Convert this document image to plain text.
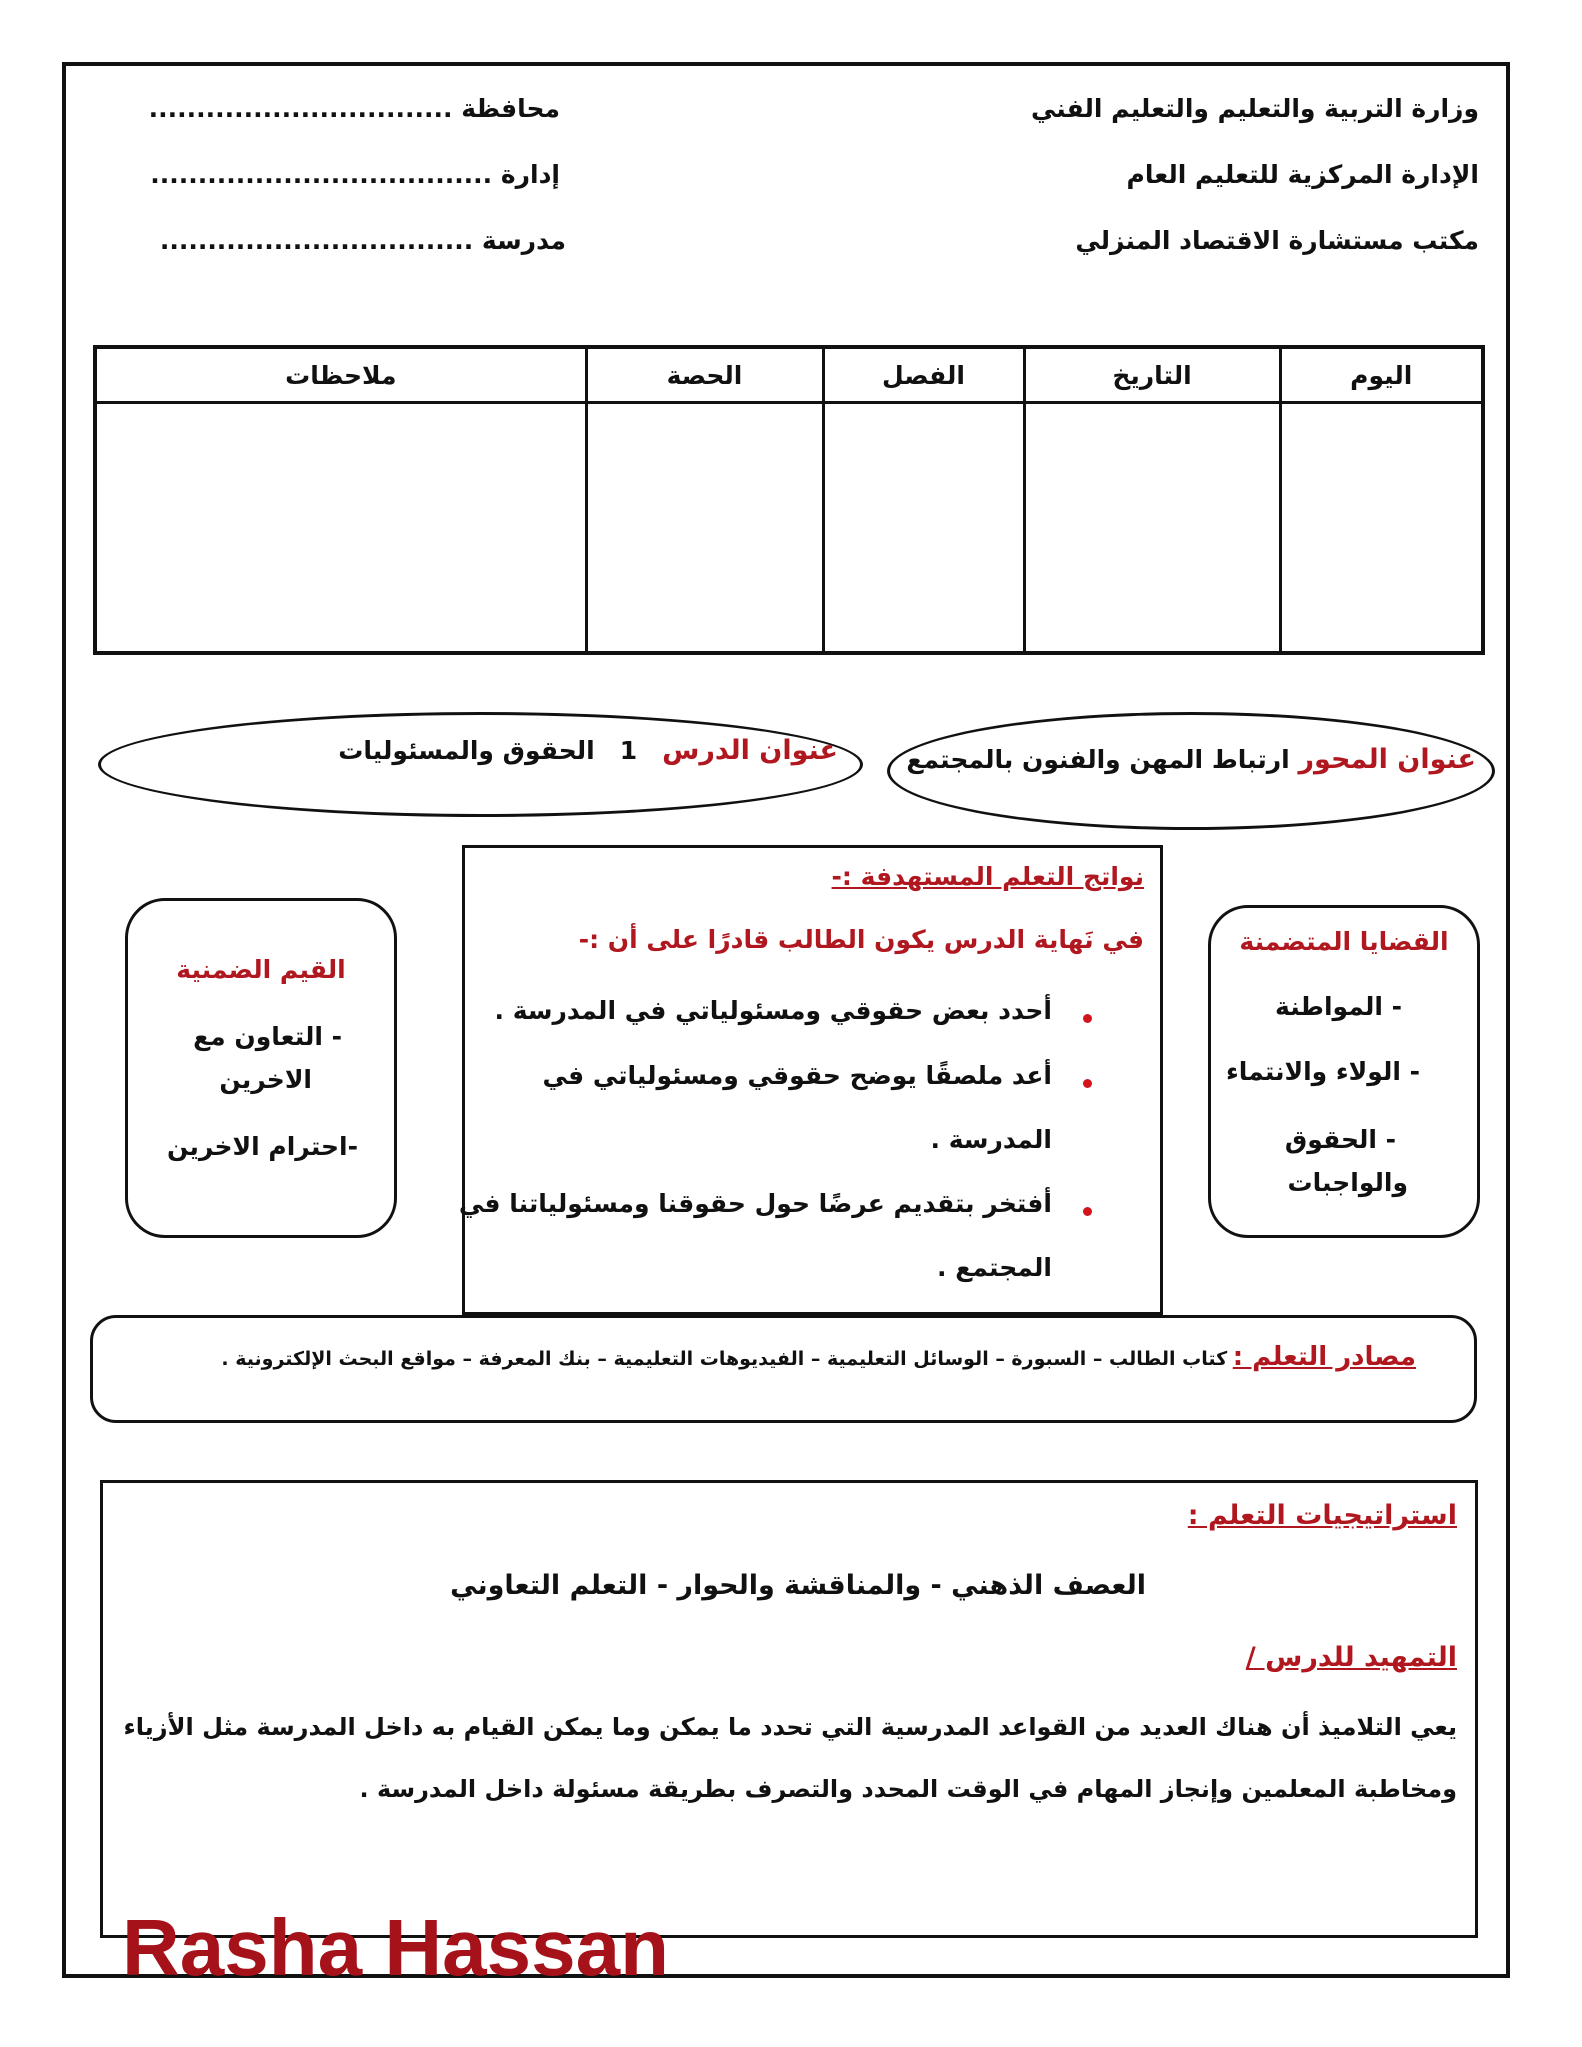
وزارة التربية والتعليم والتعليم الفني
الإدارة المركزية للتعليم العام
مكتب مستشارة الاقتصاد المنزلي
محافظة ................................
إدارة ....................................
مدرسة .................................
اليوم	التاريخ	الفصل	الحصة	ملاحظات

عنوان المحور ارتباط المهن والفنون بالمجتمع
عنوان الدرس 1 الحقوق والمسئوليات
القضايا المتضمنة
- المواطنة
- الولاء والانتماء
- الحقوق
والواجبات
نواتج التعلم المستهدفة :-
في نَهاية الدرس يكون الطالب قادرًا على أن :-
أحدد بعض حقوقي ومسئولياتي في المدرسة .
أعد ملصقًا يوضح حقوقي ومسئولياتي في
المدرسة .
أفتخر بتقديم عرضًا حول حقوقنا ومسئولياتنا في
المجتمع .
القيم الضمنية
- التعاون مع
الاخرين
-احترام الاخرين
مصادر التعلم : كتاب الطالب – السبورة – الوسائل التعليمية – الفيديوهات التعليمية – بنك المعرفة – مواقع البحث الإلكترونية .
استراتيجيات التعلم :
العصف الذهني - والمناقشة والحوار - التعلم التعاوني
التمهيد للدرس /
يعي التلاميذ أن هناك العديد من القواعد المدرسية التي تحدد ما يمكن وما يمكن القيام به داخل المدرسة مثل الأزياء
ومخاطبة المعلمين وإنجاز المهام في الوقت المحدد والتصرف بطريقة مسئولة داخل المدرسة .
Rasha Hassan
